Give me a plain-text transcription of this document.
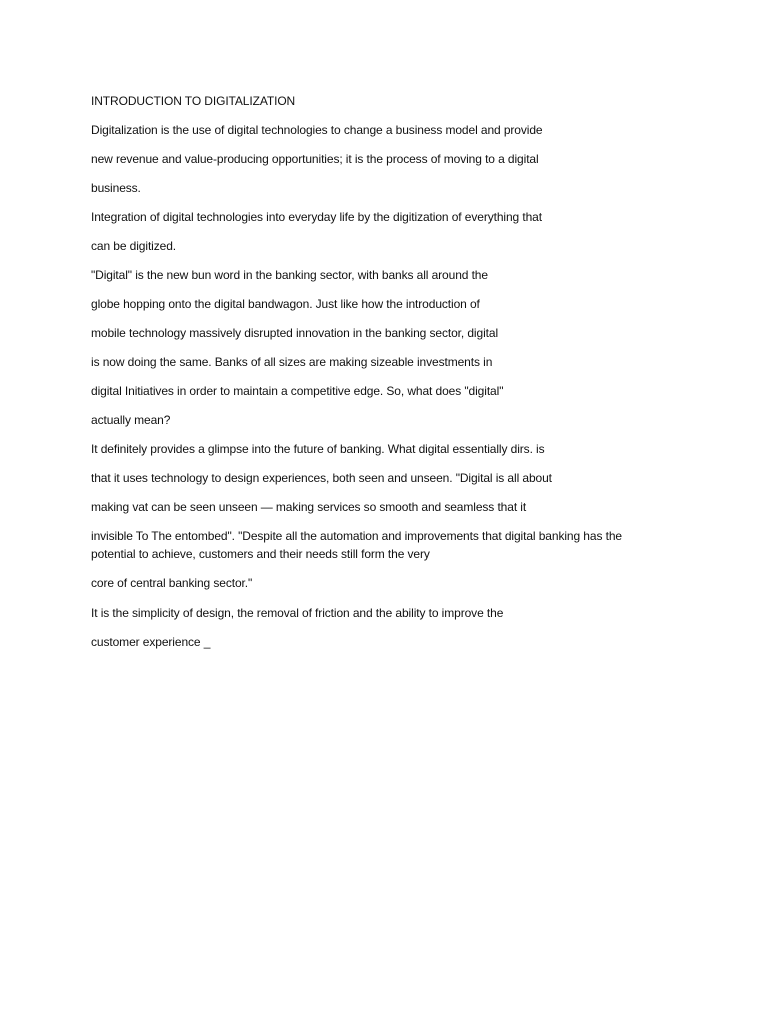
INTRODUCTION TO DIGITALIZATION
Digitalization is the use of digital technologies to change a business model and provide
new revenue and value-producing opportunities; it is the process of moving to a digital
business.
Integration of digital technologies into everyday life by the digitization of everything that
can be digitized.
"Digital" is the new bun word in the banking sector, with banks all around the
globe hopping onto the digital bandwagon. Just like how the introduction of
mobile technology massively disrupted innovation in the banking sector, digital
is now doing the same. Banks of all sizes are making sizeable investments in
digital Initiatives in order to maintain a competitive edge. So, what does "digital"
actually mean?
It definitely provides a glimpse into the future of banking. What digital essentially dirs. is
that it uses technology to design experiences, both seen and unseen. "Digital is all about
making vat can be seen unseen — making services so smooth and seamless that it
invisible To The entombed". "Despite all the automation and improvements that digital banking has the
potential to achieve, customers and their needs still form the very
core of central banking sector."
It is the simplicity of design, the removal of friction and the ability to improve the
customer experience _
